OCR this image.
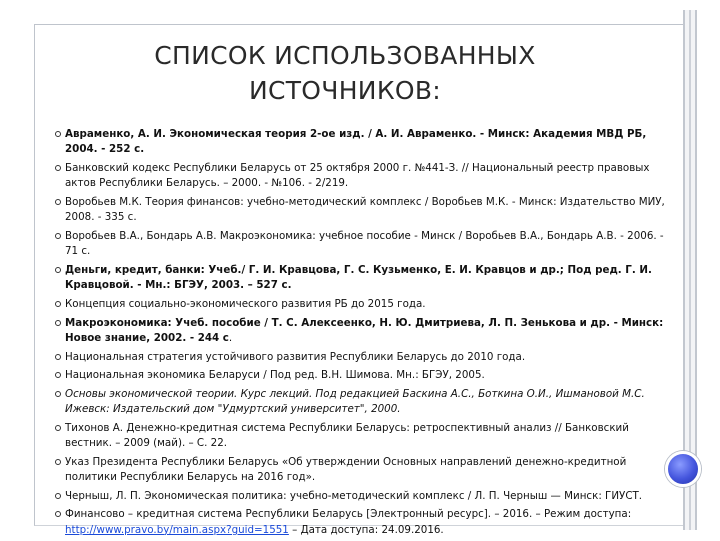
СПИСОК ИСПОЛЬЗОВАННЫХ
ИСТОЧНИКОВ:
Авраменко, А. И. Экономическая теория 2-ое изд. / А. И. Авраменко. - Минск: Академия МВД РБ, 2004. - 252 с.
Банковский кодекс Республики Беларусь от 25 октября 2000 г. №441-З. // Национальный реестр правовых актов Республики Беларусь. – 2000. - №106. - 2/219.
Воробьев М.К. Теория финансов: учебно-методический комплекс / Воробьев М.К. - Минск: Издательство МИУ, 2008. - 335 с.
Воробьев В.А., Бондарь А.В. Макроэкономика: учебное пособие - Минск / Воробьев В.А., Бондарь А.В. - 2006. - 71 с.
Деньги, кредит, банки: Учеб./ Г. И. Кравцова, Г. С. Кузьменко, Е. И. Кравцов и др.; Под ред. Г. И. Кравцовой. - Мн.: БГЭУ, 2003. – 527 с.
Концепция социально-экономического развития РБ до 2015 года.
Макроэкономика: Учеб. пособие / Т. С. Алексеенко, Н. Ю. Дмитриева, Л. П. Зенькова и др. - Минск: Новое знание, 2002. - 244 с.
Национальная стратегия устойчивого развития Республики Беларусь до 2010 года.
Национальная экономика Беларуси / Под ред. В.Н. Шимова. Мн.: БГЭУ, 2005.
Основы экономической теории. Курс лекций. Под редакцией Баскина А.С., Боткина О.И., Ишмановой М.С. Ижевск: Издательский дом "Удмуртский университет", 2000.
Тихонов А. Денежно-кредитная система Республики Беларусь: ретроспективный анализ // Банковский вестник. – 2009 (май). – С. 22.
Указ Президента Республики Беларусь «Об утверждении Основных направлений денежно-кредитной политики Республики Беларусь на 2016 год».
Черныш, Л. П. Экономическая политика: учебно-методический комплекс / Л. П. Черныш — Минск: ГИУСТ.
Финансово – кредитная система Республики Беларусь [Электронный ресурс]. – 2016. – Режим доступа: http://www.pravo.by/main.aspx?guid=1551 – Дата доступа: 24.09.2016.
